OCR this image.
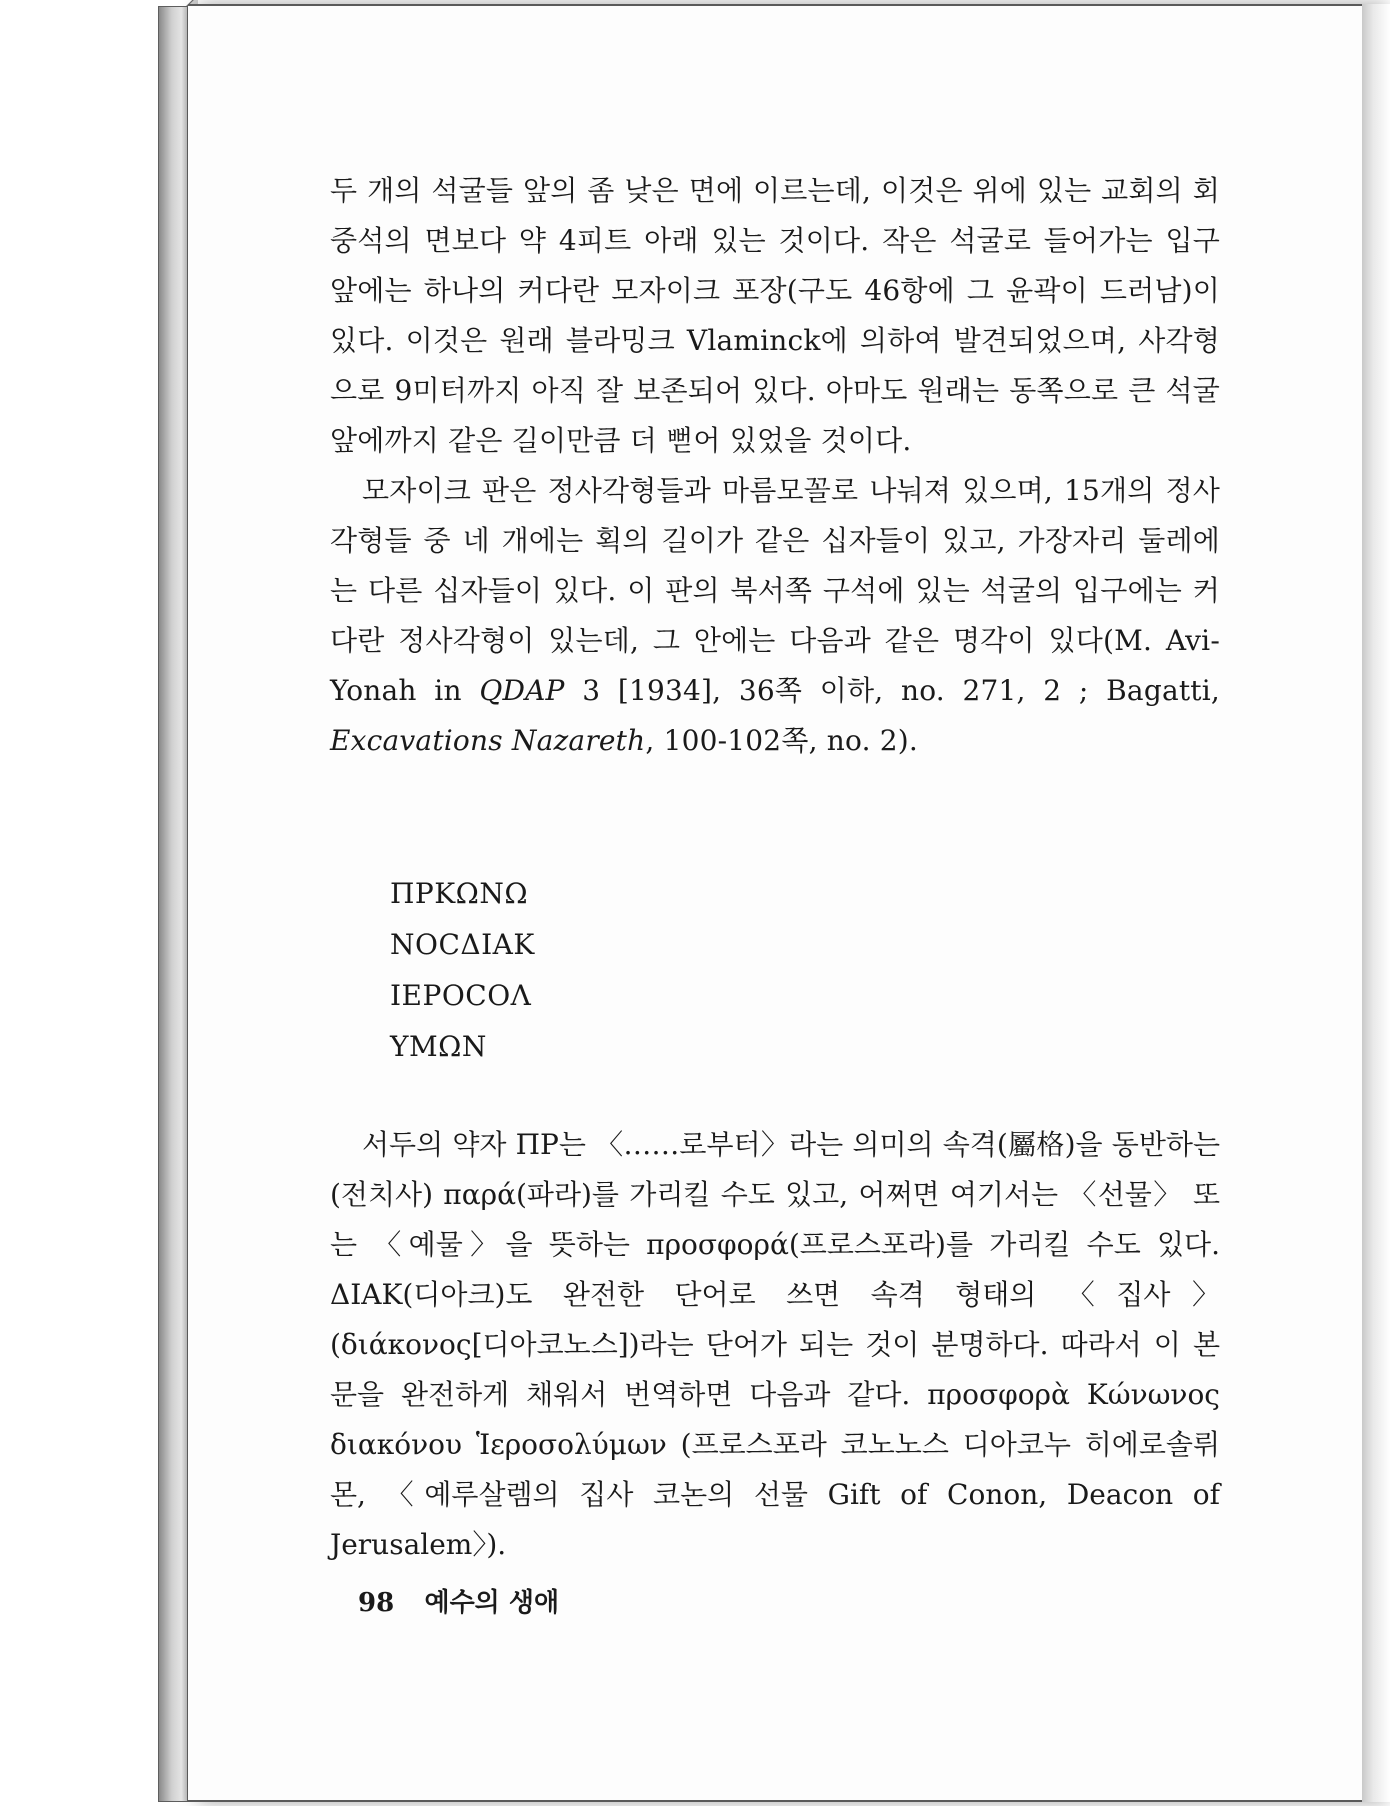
두 개의 석굴들 앞의 좀 낮은 면에 이르는데, 이것은 위에 있는 교회의 회중석의 면보다 약 4피트 아래 있는 것이다. 작은 석굴로 들어가는 입구 앞에는 하나의 커다란 모자이크 포장(구도 46항에 그 윤곽이 드러남)이 있다. 이것은 원래 블라밍크 Vlaminck에 의하여 발견되었으며, 사각형으로 9미터까지 아직 잘 보존되어 있다. 아마도 원래는 동쪽으로 큰 석굴 앞에까지 같은 길이만큼 더 뻗어 있었을 것이다.

모자이크 판은 정사각형들과 마름모꼴로 나눠져 있으며, 15개의 정사각형들 중 네 개에는 획의 길이가 같은 십자들이 있고, 가장자리 둘레에는 다른 십자들이 있다. 이 판의 북서쪽 구석에 있는 석굴의 입구에는 커다란 정사각형이 있는데, 그 안에는 다음과 같은 명각이 있다(M. Avi-Yonah in QDAP 3 [1934], 36쪽 이하, no. 271, 2 ; Bagatti, Excavations Nazareth, 100-102쪽, no. 2).

ΠΡΚΩΝΩ
NOCΔΙΑΚ
ΙΕΡΟCΟΛ
ΥΜΩΝ

서두의 약자 ΠΡ는 〈……로부터〉라는 의미의 속격(屬格)을 동반하는 (전치사) παρά(파라)를 가리킬 수도 있고, 어쩌면 여기서는 〈선물〉 또는 〈예물〉을 뜻하는 προσφορά(프로스포라)를 가리킬 수도 있다. ΔΙΑΚ(디아크)도 완전한 단어로 쓰면 속격 형태의 〈집사〉(διάκονος[디아코노스])라는 단어가 되는 것이 분명하다. 따라서 이 본문을 완전하게 채워서 번역하면 다음과 같다. προσφορὰ Κώνωνος διακόνου Ἱεροσολύμων (프로스포라 코노노스 디아코누 히에로솔뤼몬, 〈예루살렘의 집사 코논의 선물 Gift of Conon, Deacon of Jerusalem〉).

98 예수의 생애
